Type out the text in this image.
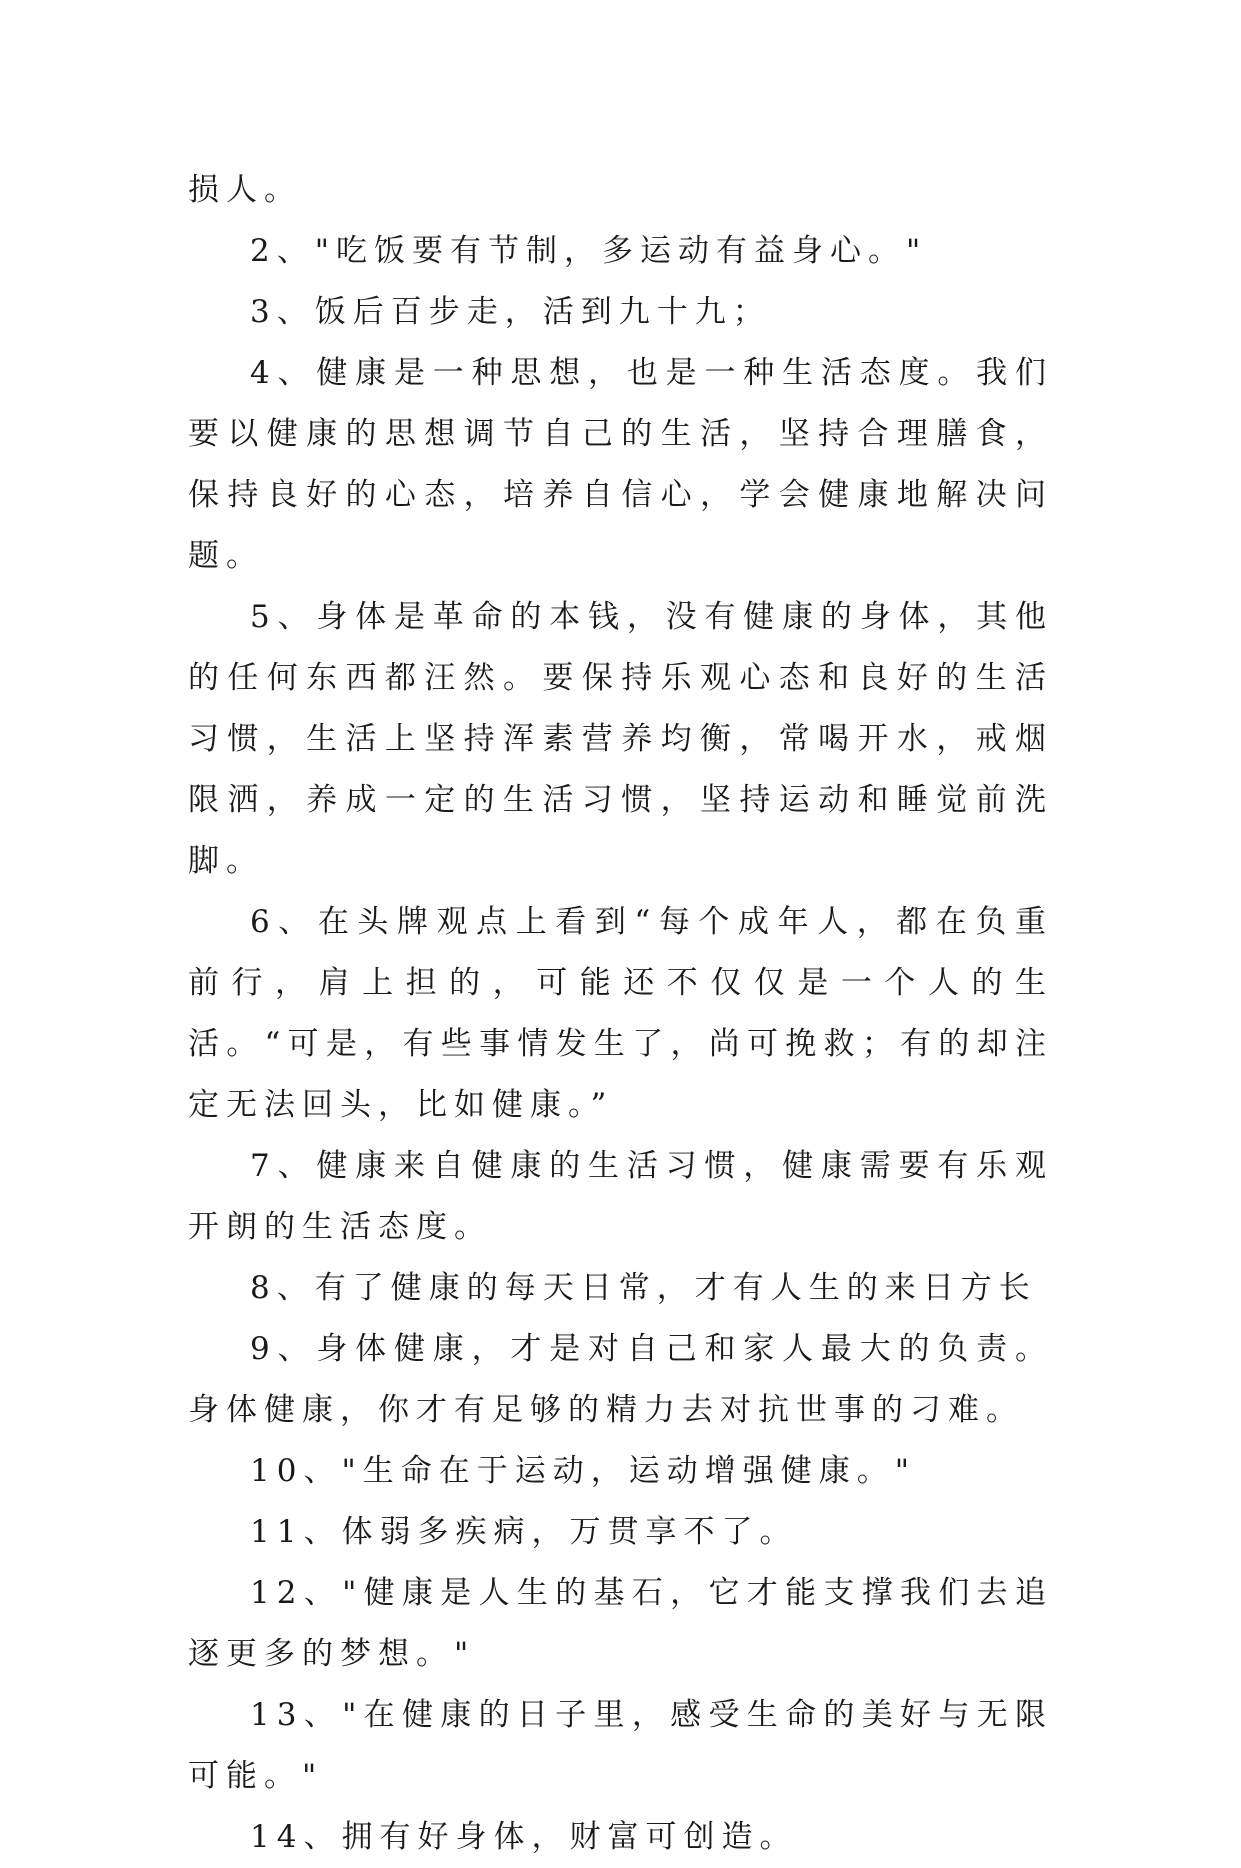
损人。

2、"吃饭要有节制，多运动有益身心。"

3、饭后百步走，活到九十九；

4、健康是一种思想，也是一种生活态度。我们要以健康的思想调节自己的生活，坚持合理膳食，保持良好的心态，培养自信心，学会健康地解决问题。

5、身体是革命的本钱，没有健康的身体，其他的任何东西都汪然。要保持乐观心态和良好的生活习惯，生活上坚持浑素营养均衡，常喝开水，戒烟限洒，养成一定的生活习惯，坚持运动和睡觉前洗脚。

6、在头牌观点上看到“每个成年人，都在负重前行，肩上担的，可能还不仅仅是一个人的生活。“可是，有些事情发生了，尚可挽救；有的却注定无法回头，比如健康。”

7、健康来自健康的生活习惯，健康需要有乐观开朗的生活态度。

8、有了健康的每天日常，才有人生的来日方长

9、身体健康，才是对自己和家人最大的负责。身体健康，你才有足够的精力去对抗世事的刁难。

10、"生命在于运动，运动增强健康。"

11、体弱多疾病，万贯享不了。

12、"健康是人生的基石，它才能支撑我们去追逐更多的梦想。"

13、"在健康的日子里，感受生命的美好与无限可能。"

14、拥有好身体，财富可创造。
